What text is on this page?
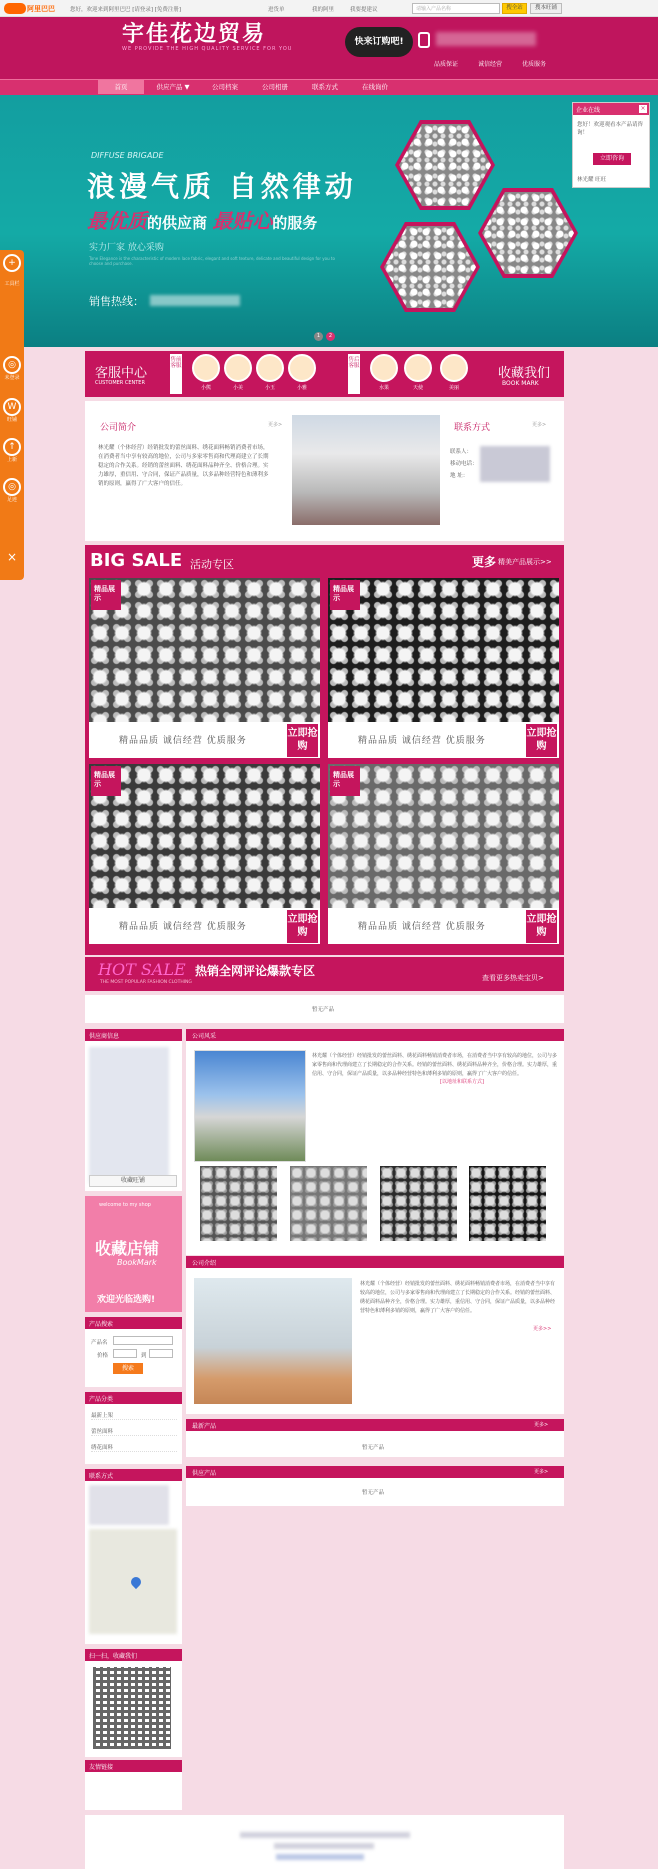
阿里巴巴	您好，欢迎来到阿里巴巴 [请登录] [免费注册]	进货单	我的阿里	我要提建议	请输入产品名称	搜全站	搜本旺铺
宇佳花边贸易
WE PROVIDE THE HIGH QUALITY SERVICE FOR YOU
快来订购吧!
品质保证	诚信经营	优质服务
首页	供应产品 ▼	公司档案	公司相册	联系方式	在线询价
DIFFUSE BRIGADE
浪漫气质 自然律动
最优质的供应商 最贴心的服务
实力厂家 放心采购
Tone Elegance is the characteristic of modern lace fabric, elegant and soft texture, delicate and beautiful design for you to choose and purchase.
销售热线：
1	2
企业在线	×
您好！欢迎观看本产品请咨询！
立即咨询
林光耀 旺旺
+
工具栏
◎
未登录
W
旺铺
↑
上新
◎
足迹
×
客服中心
CUSTOMER CENTER
售前客服
小熊	小美	小玉	小雅
售后客服
水果	天使	美丽
收藏我们
BOOK MARK
公司简介	更多>
林光耀（个体经营）经销批发的蕾丝面料、绣花面料畅销消费者市场，在消费者当中享有较高的地位，公司与多家零售商和代理商建立了长期稳定的合作关系。经销的蕾丝面料、绣花面料品种齐全、价格合理。实力雄厚，重信用、守合同，保证产品质量，以多品种经营特色和薄利多销的原则，赢得了广大客户的信任。
联系方式	更多>
联系人：
移动电话：
地 址：
BIG SALE 活动专区	更多 精美产品展示>>
精品展示
精品品质 诚信经营 优质服务
立即抢购
精品展示
精品品质 诚信经营 优质服务
立即抢购
精品展示
精品品质 诚信经营 优质服务
立即抢购
精品展示
精品品质 诚信经营 优质服务
立即抢购
HOT SALE 热销全网评论爆款专区
THE MOST POPULAR FASHION CLOTHING
查看更多热卖宝贝>
暂无产品
供应商信息
收藏旺铺
welcome to my shop
收藏店铺
BookMark
欢迎光临选购!
产品搜索
产品名
价格	到
搜索
产品分类
最新上架
蕾丝面料
绣花面料
联系方式
扫一扫，收藏我们
友情链接
公司风采
林光耀（个体经营）经销批发的蕾丝面料、绣花面料畅销消费者市场，在消费者当中享有较高的地位，公司与多家零售商和代理商建立了长期稳定的合作关系。经销的蕾丝面料、绣花面料品种齐全，价格合理。实力雄厚，重信用、守合同，保证产品质量，以多品种经营特色和薄利多销的原则，赢得了广大客户的信任。
[以地址和联系方式]
公司介绍
林光耀（个体经营）经销批发的蕾丝面料、绣花面料畅销消费者市场，在消费者当中享有较高的地位，公司与多家零售商和代理商建立了长期稳定的合作关系。经销的蕾丝面料、绣花面料品种齐全，价格合理。实力雄厚，重信用、守合同，保证产品质量，以多品种经营特色和薄利多销的原则，赢得了广大客户的信任。
更多>>
最新产品	更多>
暂无产品
供应产品	更多>
暂无产品
